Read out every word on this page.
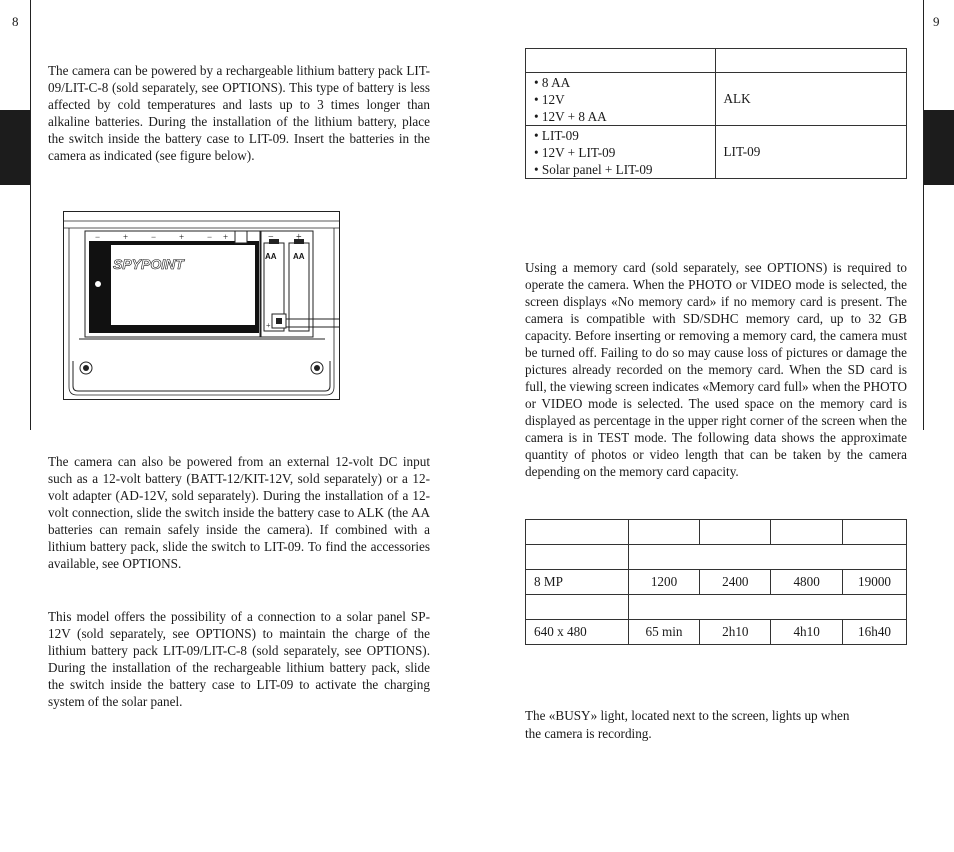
8	9
The camera can be powered by a rechargeable lithium battery pack LIT-09/LIT-C-8 (sold separately, see OPTIONS). This type of battery is less affected by cold temperatures and lasts up to 3 times longer than alkaline batteries. During the installation of the lithium battery, place the switch inside the battery case to LIT-09. Insert the batteries in the camera as indicated (see figure below).
SPYPOINT	AA AA
−	+	−	+	− +	− +
+
The camera can also be powered from an external 12-volt DC input such as a 12-volt battery (BATT-12/KIT-12V, sold separately) or a 12-volt adapter (AD-12V, sold separately). During the installation of a 12-volt connection, slide the switch inside the battery case to ALK (the AA batteries can remain safely inside the camera). If combined with a lithium battery pack, slide the switch to LIT-09. To find the accessories available, see OPTIONS.
This model offers the possibility of a connection to a solar panel SP-12V (sold separately, see OPTIONS) to maintain the charge of the lithium battery pack LIT-09/LIT-C-8 (sold separately, see OPTIONS). During the installation of the rechargeable lithium battery pack, slide the switch inside the battery case to LIT-09 to activate the charging system of the solar panel.

• 8 AA
• 12V
• 12V + 8 AA	ALK

• LIT-09
• 12V + LIT-09
• Solar panel + LIT-09	LIT-09
Using a memory card (sold separately, see OPTIONS) is required to operate the camera. When the PHOTO or VIDEO mode is selected, the screen displays «No memory card» if no memory card is present. The camera is compatible with SD/SDHC memory card, up to 32 GB capacity. Before inserting or removing a memory card, the camera must be turned off. Failing to do so may cause loss of pictures or damage the pictures already recorded on the memory card. When the SD card is full, the viewing screen indicates «Memory card full» when the PHOTO or VIDEO mode is selected. The used space on the memory card is displayed as percentage in the upper right corner of the screen when the camera is in TEST mode. The following data shows the approximate quantity of photos or video length that can be taken by the camera depending on the memory card capacity.

8 MP	1200	2400	4800	19000

640 x 480	65 min	2h10	4h10	16h40
The «BUSY» light, located next to the screen, lights up when
the camera is recording.
